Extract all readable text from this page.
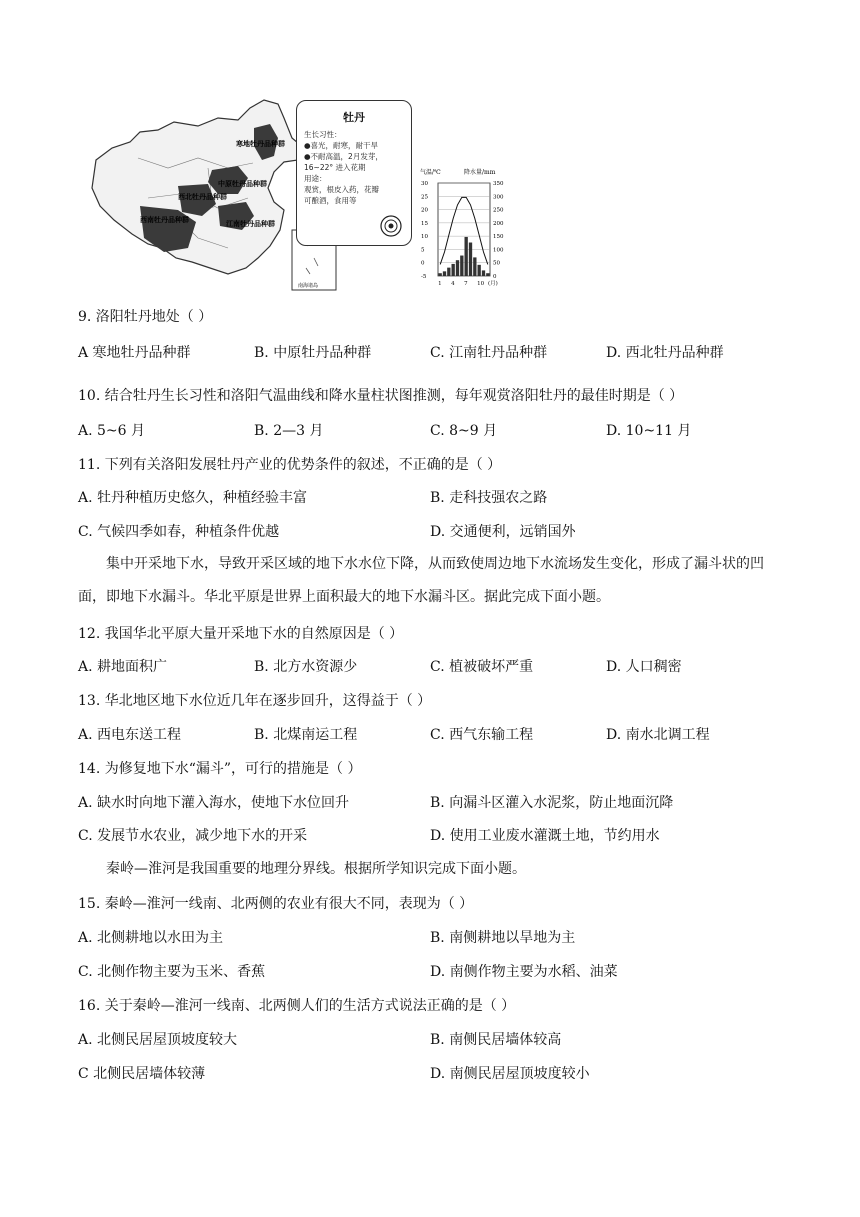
寒地牡丹品种群
中原牡丹品种群
西北牡丹品种群
西南牡丹品种群	江南牡丹品种群
南海诸岛
牡丹
生长习性：
●喜光，耐寒，耐干旱
●不耐高温，2月发芽，
16~22° 进入花期
用途：
观赏，根皮入药，花瓣
可酿酒，食用等
气温/℃	降水量/mm
30
25
20
15
10
5
0
-5
350
300
250
200
150
100
50
0
1 4 7 10 (月)
9. 洛阳牡丹地处（ ）
A 寒地牡丹品种群	B. 中原牡丹品种群	C. 江南牡丹品种群	D. 西北牡丹品种群
10. 结合牡丹生长习性和洛阳气温曲线和降水量柱状图推测，每年观赏洛阳牡丹的最佳时期是（ ）
A. 5~6 月	B. 2—3 月	C. 8~9 月	D. 10~11 月
11. 下列有关洛阳发展牡丹产业的优势条件的叙述，不正确的是（ ）
A. 牡丹种植历史悠久，种植经验丰富	B. 走科技强农之路
C. 气候四季如春，种植条件优越	D. 交通便利，远销国外
集中开采地下水，导致开采区域的地下水水位下降，从而致使周边地下水流场发生变化，形成了漏斗状的凹面，即地下水漏斗。华北平原是世界上面积最大的地下水漏斗区。据此完成下面小题。
12. 我国华北平原大量开采地下水的自然原因是（ ）
A. 耕地面积广	B. 北方水资源少	C. 植被破坏严重	D. 人口稠密
13. 华北地区地下水位近几年在逐步回升，这得益于（ ）
A. 西电东送工程	B. 北煤南运工程	C. 西气东输工程	D. 南水北调工程
14. 为修复地下水“漏斗”，可行的措施是（ ）
A. 缺水时向地下灌入海水，使地下水位回升	B. 向漏斗区灌入水泥浆，防止地面沉降
C. 发展节水农业，减少地下水的开采	D. 使用工业废水灌溉土地，节约用水
秦岭—淮河是我国重要的地理分界线。根据所学知识完成下面小题。
15. 秦岭—淮河一线南、北两侧的农业有很大不同，表现为（ ）
A. 北侧耕地以水田为主	B. 南侧耕地以旱地为主
C. 北侧作物主要为玉米、香蕉	D. 南侧作物主要为水稻、油菜
16. 关于秦岭—淮河一线南、北两侧人们的生活方式说法正确的是（ ）
A. 北侧民居屋顶坡度较大	B. 南侧民居墙体较高
C 北侧民居墙体较薄	D. 南侧民居屋顶坡度较小
